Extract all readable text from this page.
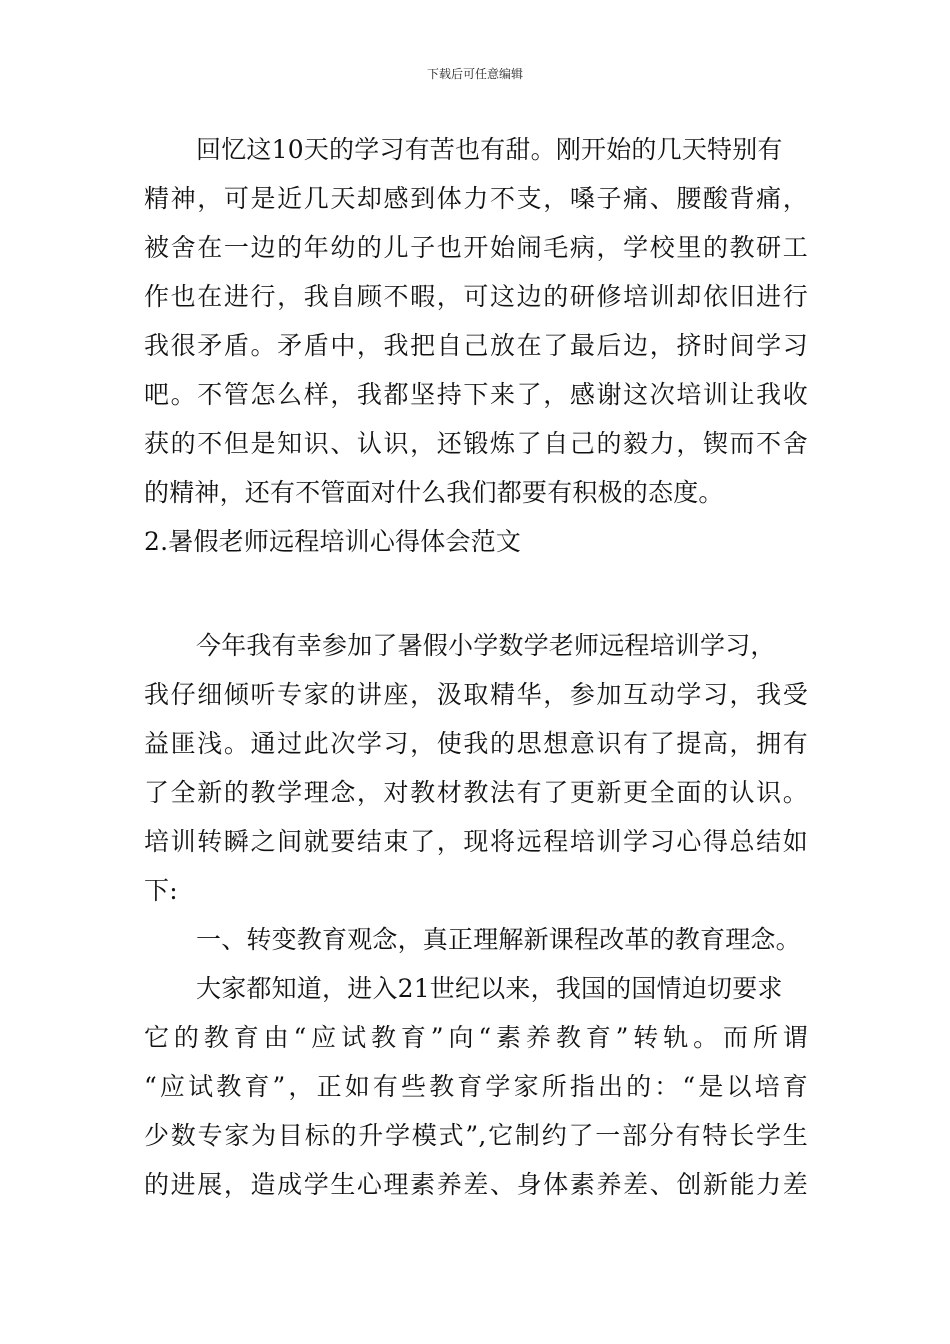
下载后可任意编辑
回忆这10天的学习有苦也有甜。刚开始的几天特别有
精神，可是近几天却感到体力不支，嗓子痛、腰酸背痛，
被舍在一边的年幼的儿子也开始闹毛病，学校里的教研工
作也在进行，我自顾不暇，可这边的研修培训却依旧进行
我很矛盾。矛盾中，我把自己放在了最后边，挤时间学习
吧。不管怎么样，我都坚持下来了，感谢这次培训让我收
获的不但是知识、认识，还锻炼了自己的毅力，锲而不舍
的精神，还有不管面对什么我们都要有积极的态度。
2.暑假老师远程培训心得体会范文
今年我有幸参加了暑假小学数学老师远程培训学习，
我仔细倾听专家的讲座，汲取精华，参加互动学习，我受
益匪浅。通过此次学习，使我的思想意识有了提高，拥有
了全新的教学理念，对教材教法有了更新更全面的认识。
培训转瞬之间就要结束了，现将远程培训学习心得总结如
下:
一、转变教育观念，真正理解新课程改革的教育理念。
大家都知道，进入21世纪以来，我国的国情迫切要求
它的教育由“应试教育”向“素养教育”转轨。而所谓
“应试教育”，正如有些教育学家所指出的：“是以培育
少数专家为目标的升学模式”,它制约了一部分有特长学生
的进展，造成学生心理素养差、身体素养差、创新能力差
